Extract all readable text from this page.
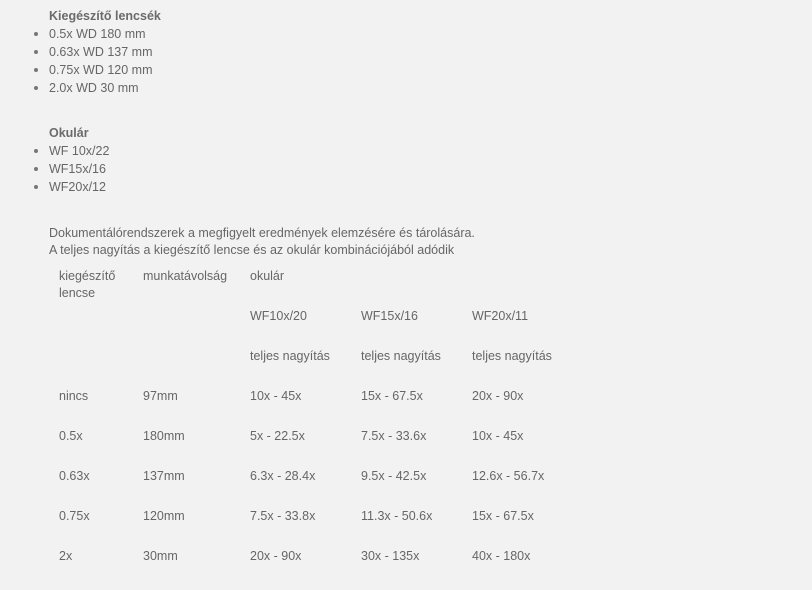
Kiegészítő lencsék
0.5x WD 180 mm
0.63x WD 137 mm
0.75x WD 120 mm
2.0x WD 30 mm
Okulár
WF 10x/22
WF15x/16
WF20x/12
Dokumentálórendszerek a megfigyelt eredmények elemzésére és tárolására.
A teljes nagyítás a kiegészítő lencse és az okulár kombinációjából adódik
kiegészítő lencse	munkatávolság	okulár		
		WF10x/20	WF15x/16	WF20x/11
		teljes nagyítás	teljes nagyítás	teljes nagyítás
nincs	97mm	10x - 45x	15x - 67.5x	20x - 90x
0.5x	180mm	5x - 22.5x	7.5x - 33.6x	10x - 45x
0.63x	137mm	6.3x - 28.4x	9.5x - 42.5x	12.6x - 56.7x
0.75x	120mm	7.5x - 33.8x	11.3x - 50.6x	15x - 67.5x
2x	30mm	20x - 90x	30x - 135x	40x - 180x
